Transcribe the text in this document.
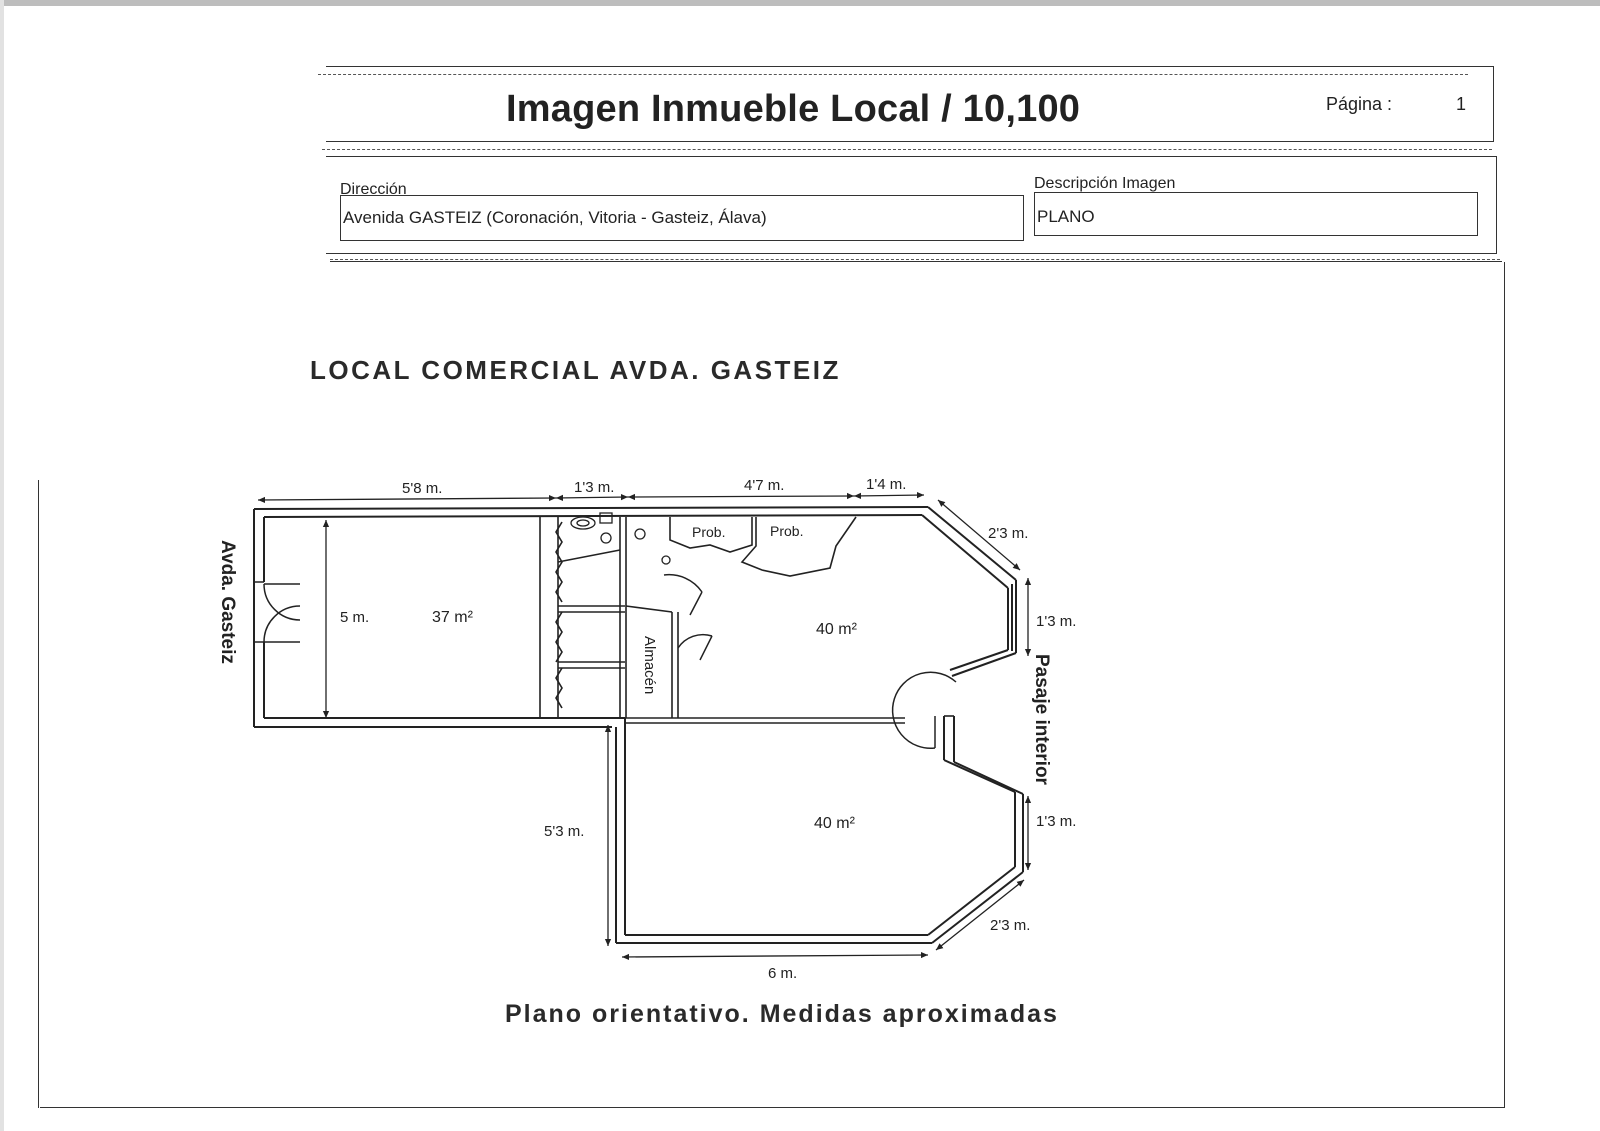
Imagen Inmueble Local / 10,100	Página :	1
Dirección
Avenida GASTEIZ (Coronación, Vitoria - Gasteiz, Álava)
Descripción Imagen
PLANO
LOCAL COMERCIAL AVDA. GASTEIZ
5'8 m.	1'3 m.	4'7 m.	1'4 m.
2'3 m.
1'3 m.
1'3 m.
2'3 m.
5 m.
5'3 m.
6 m.
37 m²
40 m²
40 m²
Prob.	Prob.
Almacén
Avda. Gasteiz
Pasaje interior
Plano orientativo. Medidas aproximadas
